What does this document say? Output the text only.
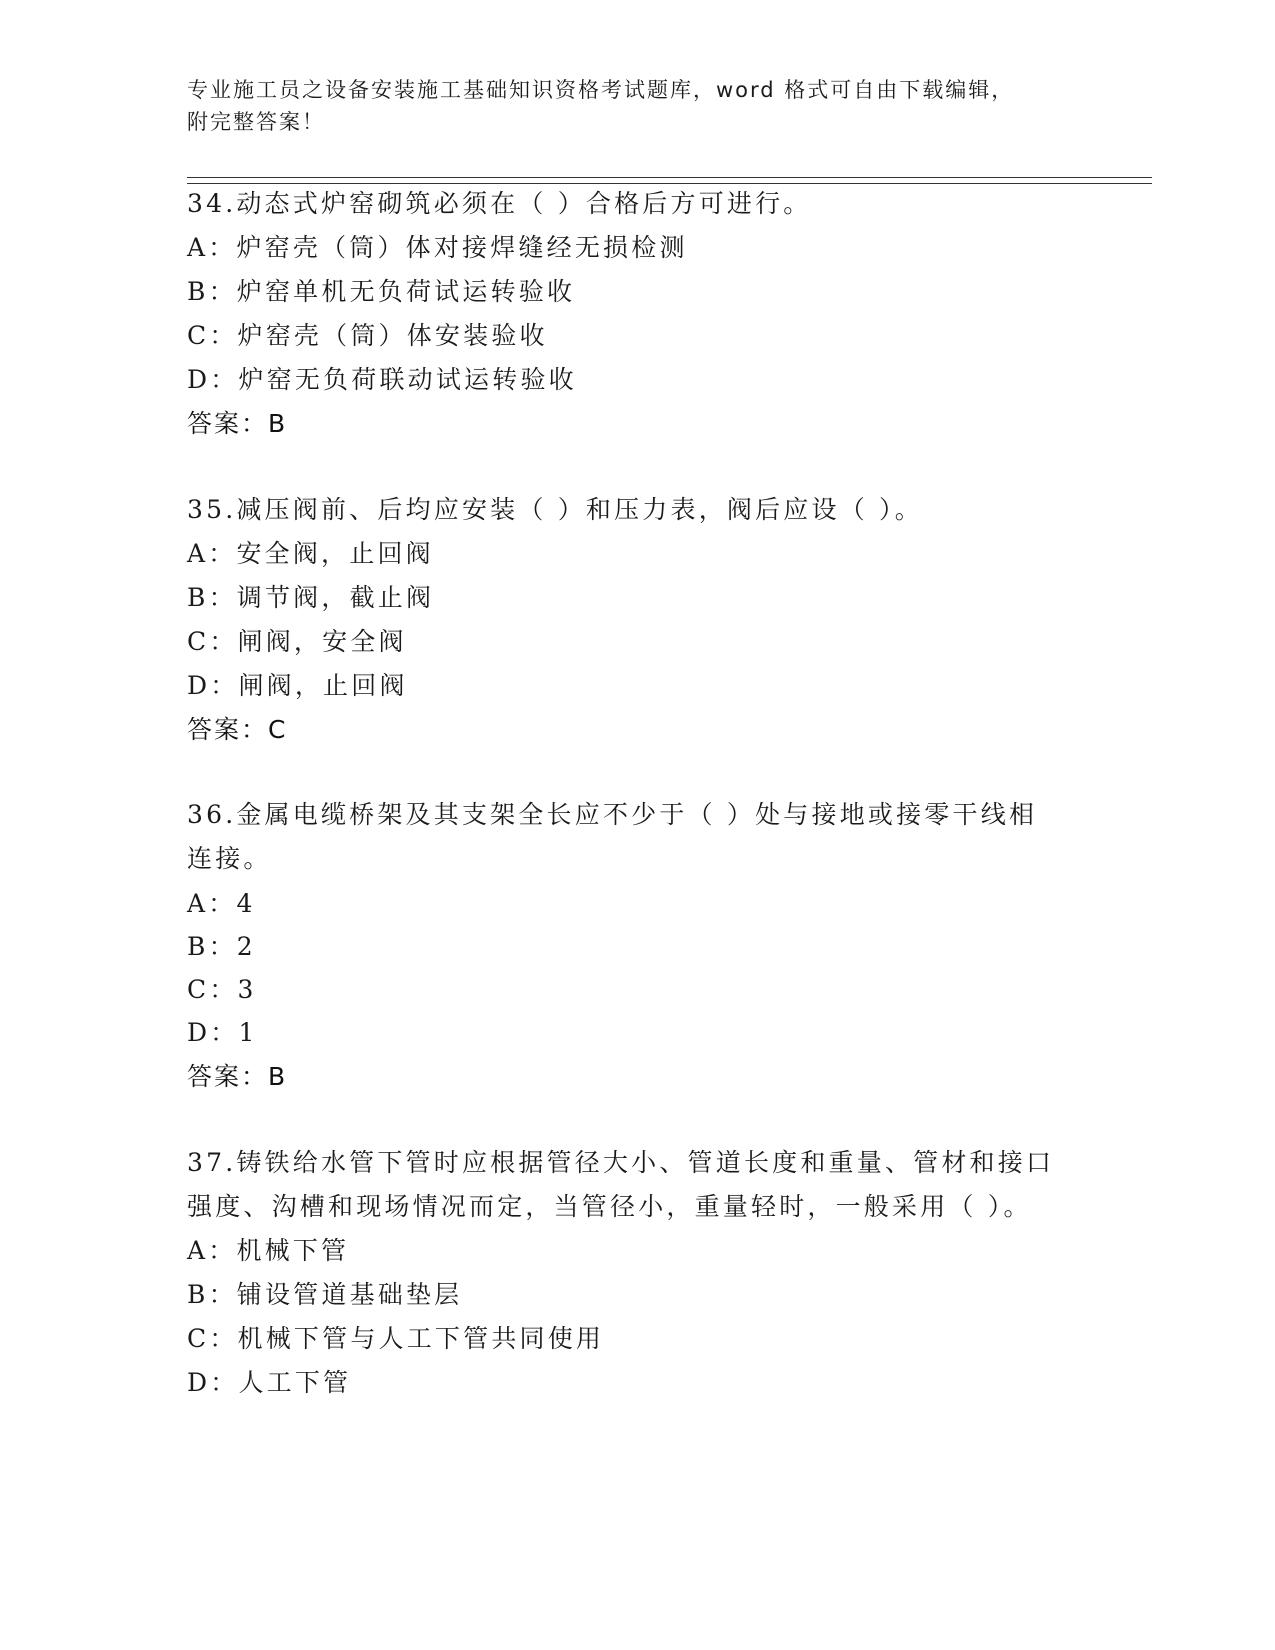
专业施工员之设备安装施工基础知识资格考试题库，word 格式可自由下载编辑，
附完整答案！
34.动态式炉窑砌筑必须在（ ）合格后方可进行。
A：炉窑壳（筒）体对接焊缝经无损检测
B：炉窑单机无负荷试运转验收
C：炉窑壳（筒）体安装验收
D：炉窑无负荷联动试运转验收
答案：B
35.减压阀前、后均应安装（ ）和压力表，阀后应设（ ）。
A：安全阀，止回阀
B：调节阀，截止阀
C：闸阀，安全阀
D：闸阀，止回阀
答案：C
36.金属电缆桥架及其支架全长应不少于（ ）处与接地或接零干线相
连接。
A：4
B：2
C：3
D：1
答案：B
37.铸铁给水管下管时应根据管径大小、管道长度和重量、管材和接口
强度、沟槽和现场情况而定，当管径小，重量轻时，一般采用（ ）。
A：机械下管
B：铺设管道基础垫层
C：机械下管与人工下管共同使用
D：人工下管
